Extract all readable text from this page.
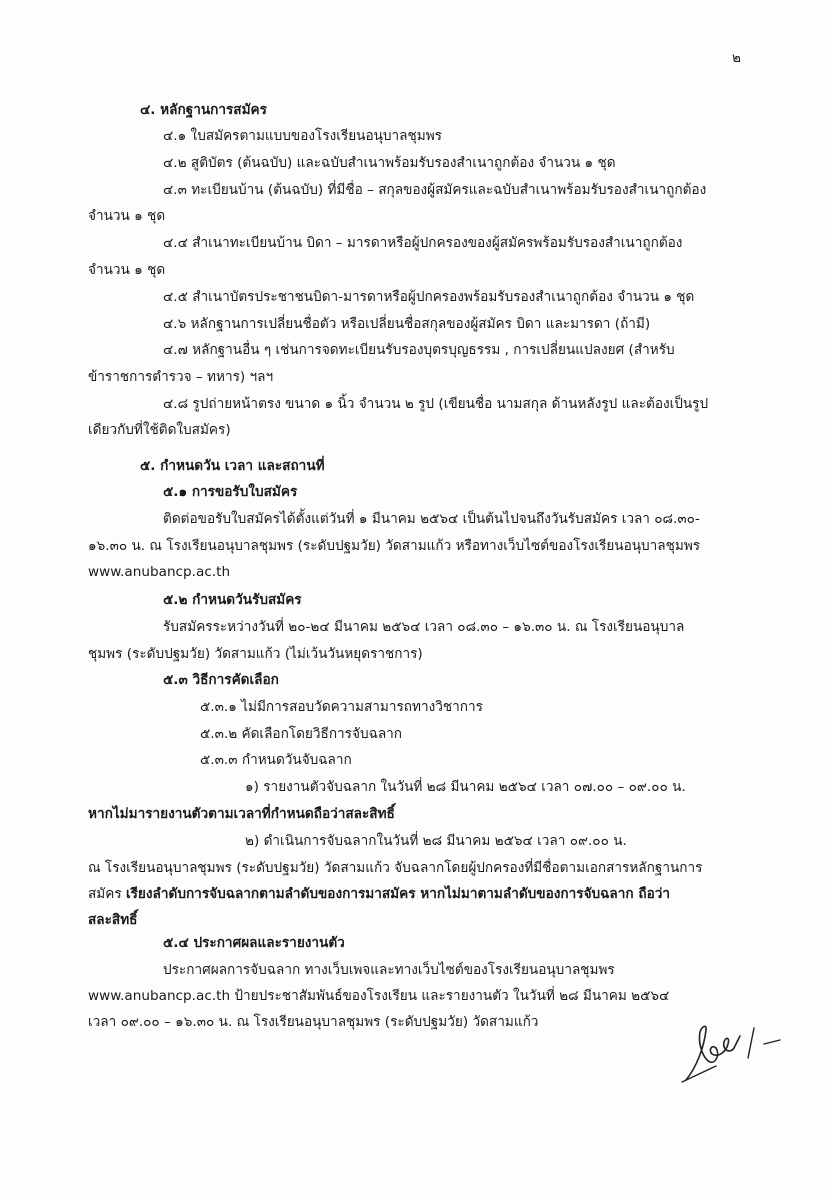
๒
๔. หลักฐานการสมัคร
๔.๑ ใบสมัครตามแบบของโรงเรียนอนุบาลชุมพร
๔.๒ สูติบัตร (ต้นฉบับ) และฉบับสำเนาพร้อมรับรองสำเนาถูกต้อง จำนวน ๑ ชุด
๔.๓ ทะเบียนบ้าน (ต้นฉบับ) ที่มีชื่อ – สกุลของผู้สมัครและฉบับสำเนาพร้อมรับรองสำเนาถูกต้อง
จำนวน ๑ ชุด
๔.๔ สำเนาทะเบียนบ้าน บิดา – มารดาหรือผู้ปกครองของผู้สมัครพร้อมรับรองสำเนาถูกต้อง
จำนวน ๑ ชุด
๔.๕ สำเนาบัตรประชาชนบิดา-มารดาหรือผู้ปกครองพร้อมรับรองสำเนาถูกต้อง จำนวน ๑ ชุด
๔.๖ หลักฐานการเปลี่ยนชื่อตัว หรือเปลี่ยนชื่อสกุลของผู้สมัคร บิดา และมารดา (ถ้ามี)
๔.๗ หลักฐานอื่น ๆ เช่นการจดทะเบียนรับรองบุตรบุญธรรม , การเปลี่ยนแปลงยศ (สำหรับ
ข้าราชการตำรวจ – ทหาร) ฯลฯ
๔.๘ รูปถ่ายหน้าตรง ขนาด ๑ นิ้ว จำนวน ๒ รูป (เขียนชื่อ นามสกุล ด้านหลังรูป และต้องเป็นรูป
เดียวกับที่ใช้ติดใบสมัคร)
๕. กำหนดวัน เวลา และสถานที่
๕.๑ การขอรับใบสมัคร
ติดต่อขอรับใบสมัครได้ตั้งแต่วันที่ ๑ มีนาคม ๒๕๖๔ เป็นต้นไปจนถึงวันรับสมัคร เวลา ๐๘.๓๐-
๑๖.๓๐ น. ณ โรงเรียนอนุบาลชุมพร (ระดับปฐมวัย) วัดสามแก้ว หรือทางเว็บไซต์ของโรงเรียนอนุบาลชุมพร
www.anubancp.ac.th
๕.๒ กำหนดวันรับสมัคร
รับสมัครระหว่างวันที่ ๒๐-๒๔ มีนาคม ๒๕๖๔ เวลา ๐๘.๓๐ – ๑๖.๓๐ น. ณ โรงเรียนอนุบาล
ชุมพร (ระดับปฐมวัย) วัดสามแก้ว (ไม่เว้นวันหยุดราชการ)
๕.๓ วิธีการคัดเลือก
๕.๓.๑ ไม่มีการสอบวัดความสามารถทางวิชาการ
๕.๓.๒ คัดเลือกโดยวิธีการจับฉลาก
๕.๓.๓ กำหนดวันจับฉลาก
๑) รายงานตัวจับฉลาก ในวันที่ ๒๘ มีนาคม ๒๕๖๔ เวลา ๐๗.๐๐ – ๐๙.๐๐ น.
หากไม่มารายงานตัวตามเวลาที่กำหนดถือว่าสละสิทธิ์
๒) ดำเนินการจับฉลากในวันที่ ๒๘ มีนาคม ๒๕๖๔ เวลา ๐๙.๐๐ น.
ณ โรงเรียนอนุบาลชุมพร (ระดับปฐมวัย) วัดสามแก้ว จับฉลากโดยผู้ปกครองที่มีชื่อตามเอกสารหลักฐานการ
สมัคร เรียงลำดับการจับฉลากตามลำดับของการมาสมัคร หากไม่มาตามลำดับของการจับฉลาก ถือว่า
สละสิทธิ์
๕.๔ ประกาศผลและรายงานตัว
ประกาศผลการจับฉลาก ทางเว็บเพจและทางเว็บไซต์ของโรงเรียนอนุบาลชุมพร
www.anubancp.ac.th ป้ายประชาสัมพันธ์ของโรงเรียน และรายงานตัว ในวันที่ ๒๘ มีนาคม ๒๕๖๔
เวลา ๐๙.๐๐ – ๑๖.๓๐ น. ณ โรงเรียนอนุบาลชุมพร (ระดับปฐมวัย) วัดสามแก้ว
